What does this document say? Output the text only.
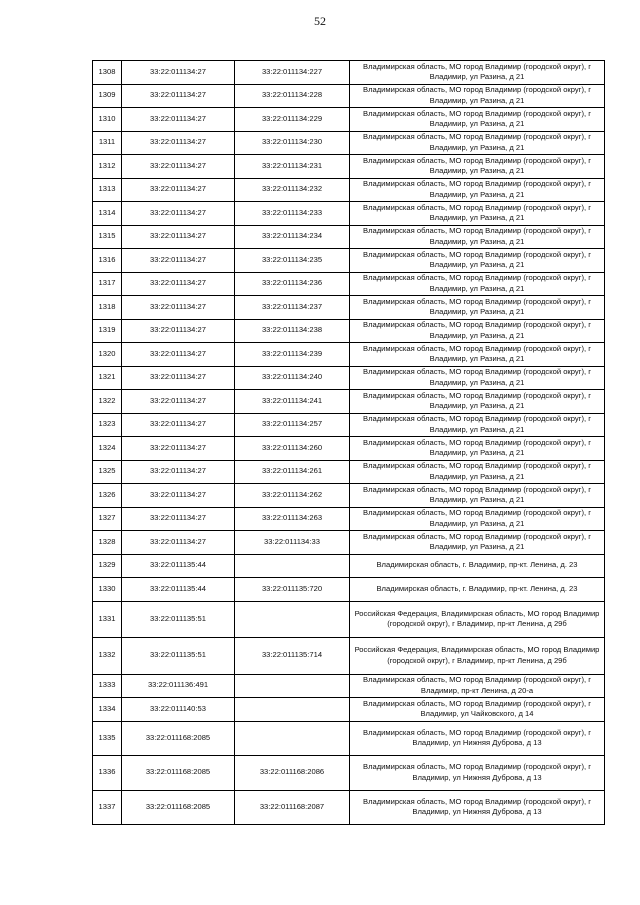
52
1308	33:22:011134:27	33:22:011134:227	Владимирская область, МО город Владимир (городской округ), г Владимир, ул Разина, д 21
1309	33:22:011134:27	33:22:011134:228	Владимирская область, МО город Владимир (городской округ), г Владимир, ул Разина, д 21
1310	33:22:011134:27	33:22:011134:229	Владимирская область, МО город Владимир (городской округ), г Владимир, ул Разина, д 21
1311	33:22:011134:27	33:22:011134:230	Владимирская область, МО город Владимир (городской округ), г Владимир, ул Разина, д 21
1312	33:22:011134:27	33:22:011134:231	Владимирская область, МО город Владимир (городской округ), г Владимир, ул Разина, д 21
1313	33:22:011134:27	33:22:011134:232	Владимирская область, МО город Владимир (городской округ), г Владимир, ул Разина, д 21
1314	33:22:011134:27	33:22:011134:233	Владимирская область, МО город Владимир (городской округ), г Владимир, ул Разина, д 21
1315	33:22:011134:27	33:22:011134:234	Владимирская область, МО город Владимир (городской округ), г Владимир, ул Разина, д 21
1316	33:22:011134:27	33:22:011134:235	Владимирская область, МО город Владимир (городской округ), г Владимир, ул Разина, д 21
1317	33:22:011134:27	33:22:011134:236	Владимирская область, МО город Владимир (городской округ), г Владимир, ул Разина, д 21
1318	33:22:011134:27	33:22:011134:237	Владимирская область, МО город Владимир (городской округ), г Владимир, ул Разина, д 21
1319	33:22:011134:27	33:22:011134:238	Владимирская область, МО город Владимир (городской округ), г Владимир, ул Разина, д 21
1320	33:22:011134:27	33:22:011134:239	Владимирская область, МО город Владимир (городской округ), г Владимир, ул Разина, д 21
1321	33:22:011134:27	33:22:011134:240	Владимирская область, МО город Владимир (городской округ), г Владимир, ул Разина, д 21
1322	33:22:011134:27	33:22:011134:241	Владимирская область, МО город Владимир (городской округ), г Владимир, ул Разина, д 21
1323	33:22:011134:27	33:22:011134:257	Владимирская область, МО город Владимир (городской округ), г Владимир, ул Разина, д 21
1324	33:22:011134:27	33:22:011134:260	Владимирская область, МО город Владимир (городской округ), г Владимир, ул Разина, д 21
1325	33:22:011134:27	33:22:011134:261	Владимирская область, МО город Владимир (городской округ), г Владимир, ул Разина, д 21
1326	33:22:011134:27	33:22:011134:262	Владимирская область, МО город Владимир (городской округ), г Владимир, ул Разина, д 21
1327	33:22:011134:27	33:22:011134:263	Владимирская область, МО город Владимир (городской округ), г Владимир, ул Разина, д 21
1328	33:22:011134:27	33:22:011134:33	Владимирская область, МО город Владимир (городской округ), г Владимир, ул Разина, д 21
1329	33:22:011135:44		Владимирская область, г. Владимир, пр-кт. Ленина, д. 23
1330	33:22:011135:44	33:22:011135:720	Владимирская область, г. Владимир, пр-кт. Ленина, д. 23
1331	33:22:011135:51		Российская Федерация, Владимирская область, МО город Владимир (городской округ), г Владимир, пр-кт Ленина, д 29б
1332	33:22:011135:51	33:22:011135:714	Российская Федерация, Владимирская область, МО город Владимир (городской округ), г Владимир, пр-кт Ленина, д 29б
1333	33:22:011136:491		Владимирская область, МО город Владимир (городской округ), г Владимир, пр-кт Ленина, д 20-а
1334	33:22:011140:53		Владимирская область, МО город Владимир (городской округ), г Владимир, ул Чайковского, д 14
1335	33:22:011168:2085		Владимирская область, МО город Владимир (городской округ), г Владимир, ул Нижняя Дуброва, д 13
1336	33:22:011168:2085	33:22:011168:2086	Владимирская область, МО город Владимир (городской округ), г Владимир, ул Нижняя Дуброва, д 13
1337	33:22:011168:2085	33:22:011168:2087	Владимирская область, МО город Владимир (городской округ), г Владимир, ул Нижняя Дуброва, д 13
